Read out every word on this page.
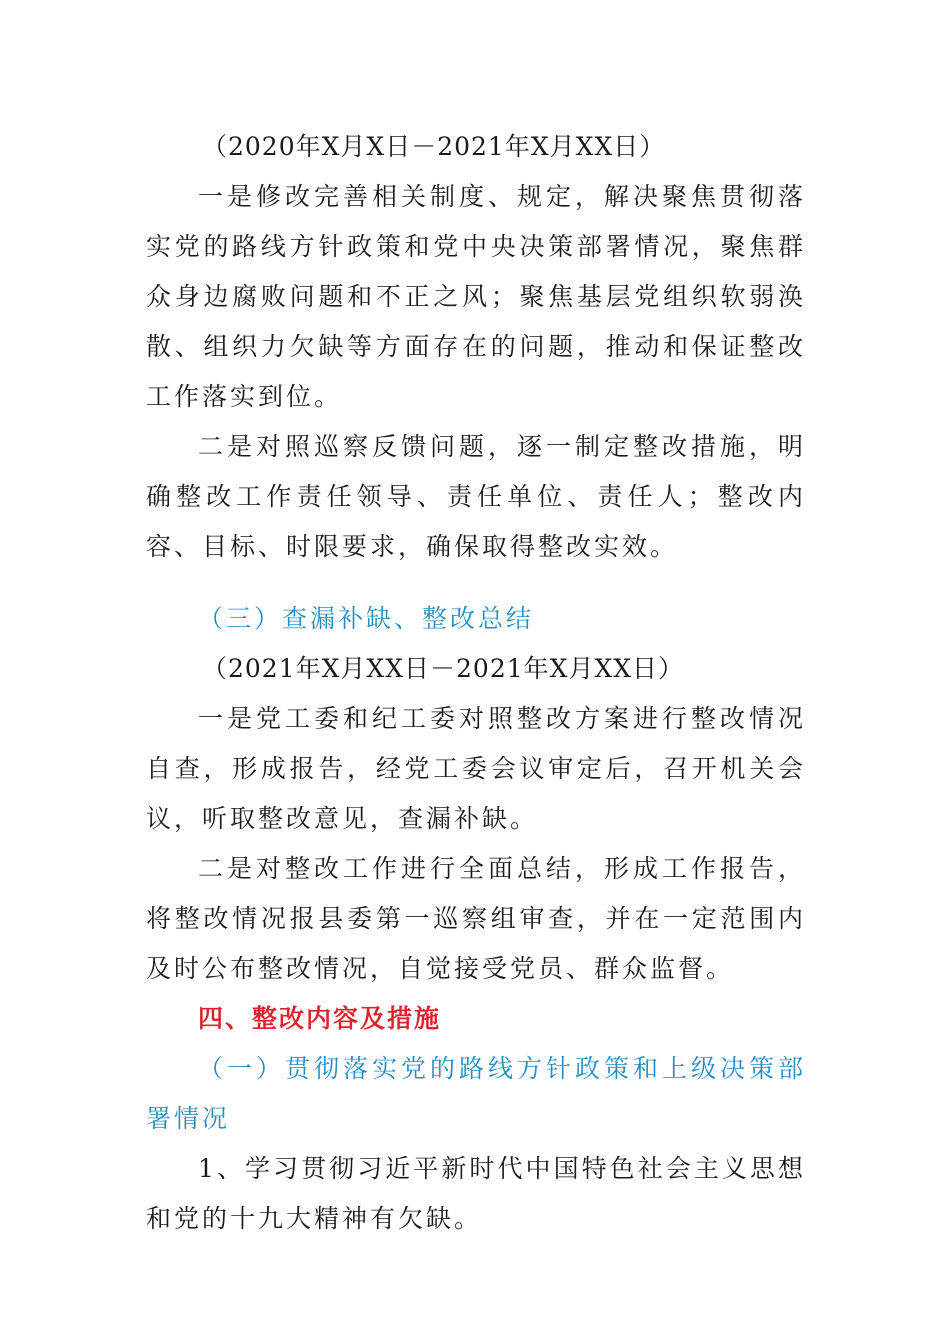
（2020年X月X日－2021年X月XX日）

一是修改完善相关制度、规定，解决聚焦贯彻落实党的路线方针政策和党中央决策部署情况，聚焦群众身边腐败问题和不正之风；聚焦基层党组织软弱涣散、组织力欠缺等方面存在的问题，推动和保证整改工作落实到位。

二是对照巡察反馈问题，逐一制定整改措施，明确整改工作责任领导、责任单位、责任人；整改内容、目标、时限要求，确保取得整改实效。

（三）查漏补缺、整改总结

（2021年X月XX日－2021年X月XX日）

一是党工委和纪工委对照整改方案进行整改情况自查，形成报告，经党工委会议审定后，召开机关会议，听取整改意见，查漏补缺。

二是对整改工作进行全面总结，形成工作报告，将整改情况报县委第一巡察组审查，并在一定范围内及时公布整改情况，自觉接受党员、群众监督。

四、整改内容及措施

（一）贯彻落实党的路线方针政策和上级决策部署情况

1、学习贯彻习近平新时代中国特色社会主义思想和党的十九大精神有欠缺。
